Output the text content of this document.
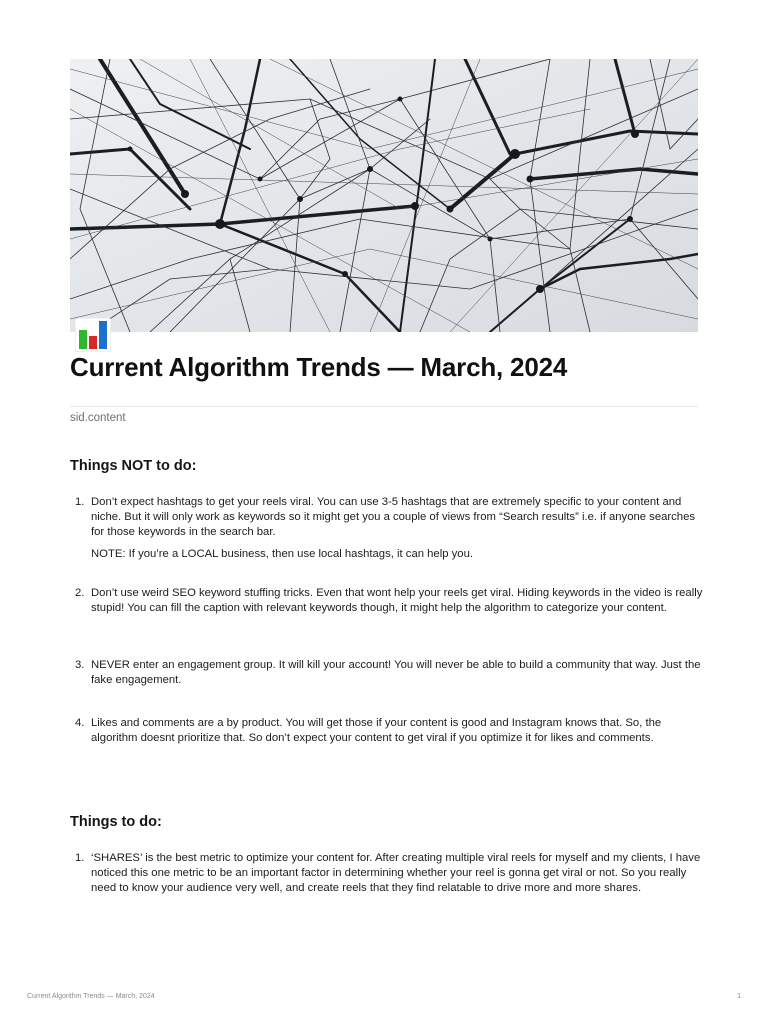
Current Algorithm Trends — March, 2024
sid.content
Things NOT to do:
1. Don’t expect hashtags to get your reels viral. You can use 3-5 hashtags that are extremely specific to your content and niche. But it will only work as keywords so it might get you a couple of views from “Search results” i.e. if anyone searches for those keywords in the search bar.

NOTE: If you’re a LOCAL business, then use local hashtags, it can help you.

2. Don’t use weird SEO keyword stuffing tricks. Even that wont help your reels get viral. Hiding keywords in the video is really stupid! You can fill the caption with relevant keywords though, it might help the algorithm to categorize your content.

3. NEVER enter an engagement group. It will kill your account! You will never be able to build a community that way. Just the fake engagement.

4. Likes and comments are a by product. You will get those if your content is good and Instagram knows that. So, the algorithm doesnt prioritize that. So don’t expect your content to get viral if you optimize it for likes and comments.

Things to do:
1. ‘SHARES’ is the best metric to optimize your content for. After creating multiple viral reels for myself and my clients, I have noticed this one metric to be an important factor in determining whether your reel is gonna get viral or not. So you really need to know your audience very well, and create reels that they find relatable to drive more and more shares.

Current Algorithm Trends — March, 2024	1
